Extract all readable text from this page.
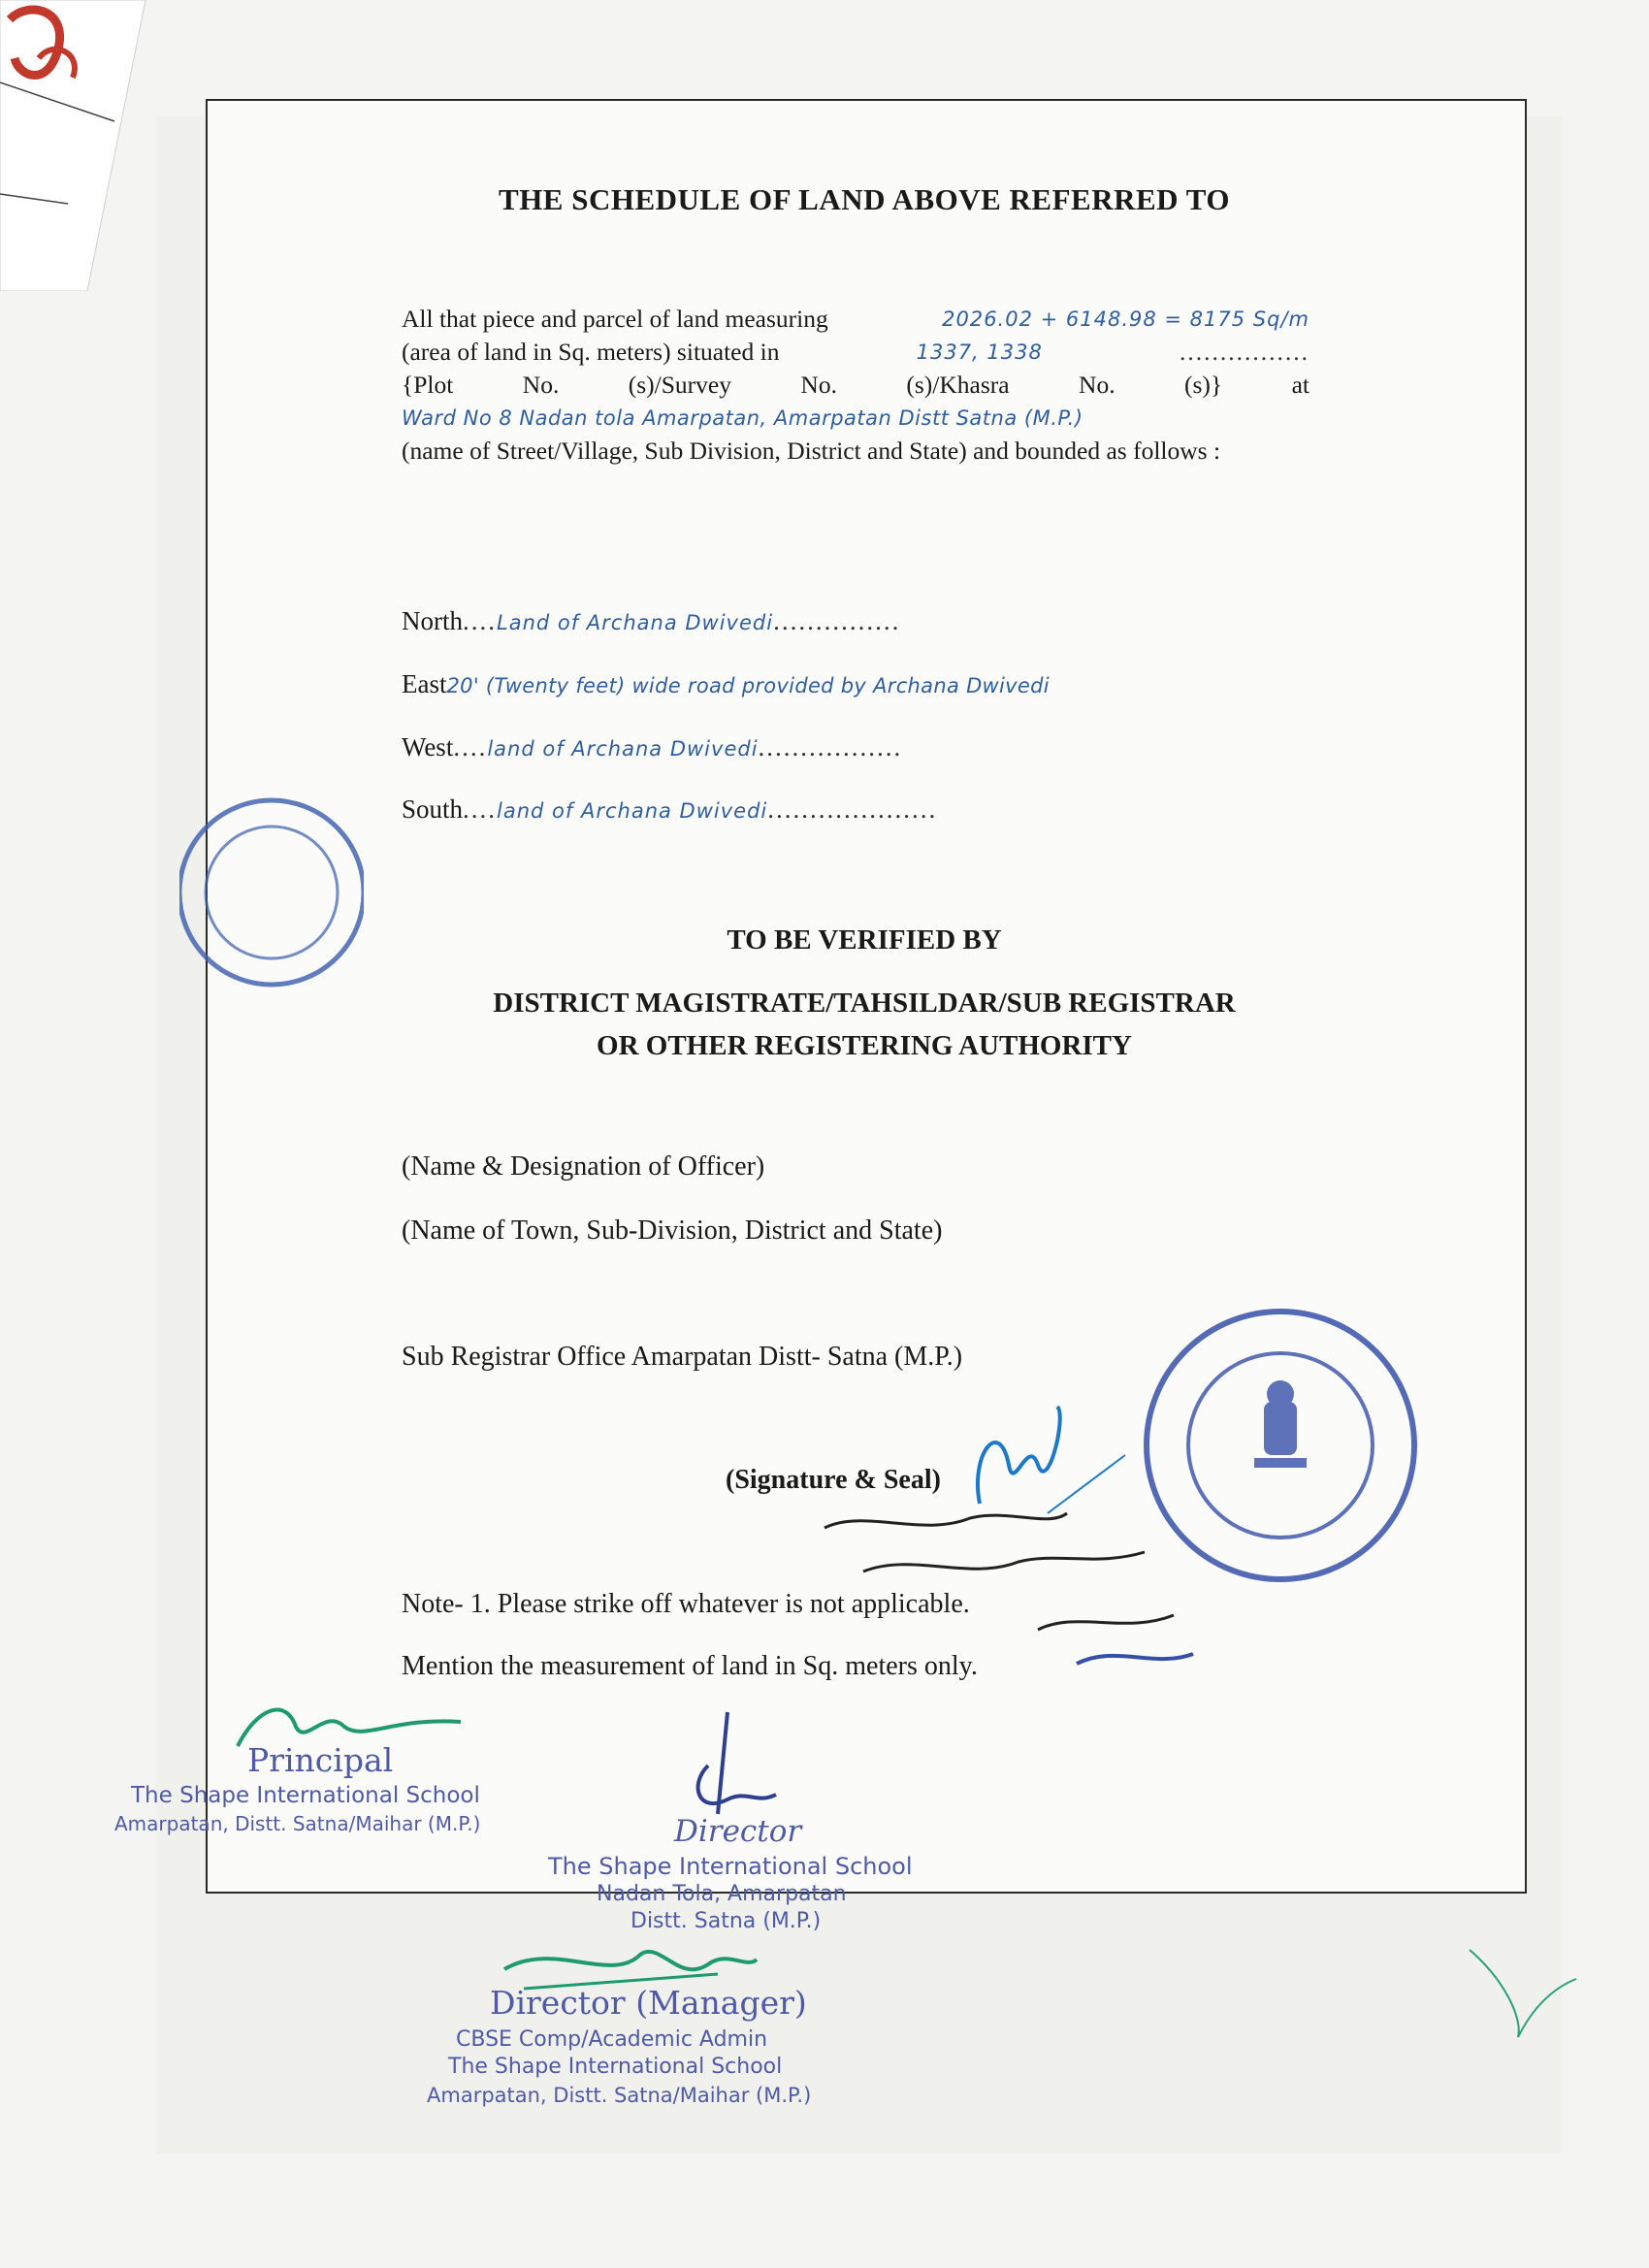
THE SCHEDULE OF LAND ABOVE REFERRED TO
All that piece and parcel of land measuring	2026.02 + 6148.98 = 8175 Sq/m
(area of land in Sq. meters) situated in	1337, 1338	................
{Plot No. (s)/Survey No. (s)/Khasra No. (s)} at
Ward No 8 Nadan tola Amarpatan, Amarpatan Distt Satna (M.P.)
(name of Street/Village, Sub Division, District and State) and bounded as follows :
North....Land of Archana Dwivedi...............
East20' (Twenty feet) wide road provided by Archana Dwivedi
West....land of Archana Dwivedi.................
South....land of Archana Dwivedi....................
TO BE VERIFIED BY
DISTRICT MAGISTRATE/TAHSILDAR/SUB REGISTRAR
OR OTHER REGISTERING AUTHORITY
(Name & Designation of Officer)
(Name of Town, Sub-Division, District and State)
Sub Registrar Office Amarpatan Distt- Satna (M.P.)
(Signature & Seal)
Note- 1. Please strike off whatever is not applicable.
Mention the measurement of land in Sq. meters only.
Principal
The Shape International School
Amarpatan, Distt. Satna/Maihar (M.P.)	Director
The Shape International School
Nadan Tola, Amarpatan
Distt. Satna (M.P.)
Director (Manager)
CBSE Comp/Academic Admin
The Shape International School
Amarpatan, Distt. Satna/Maihar (M.P.)
